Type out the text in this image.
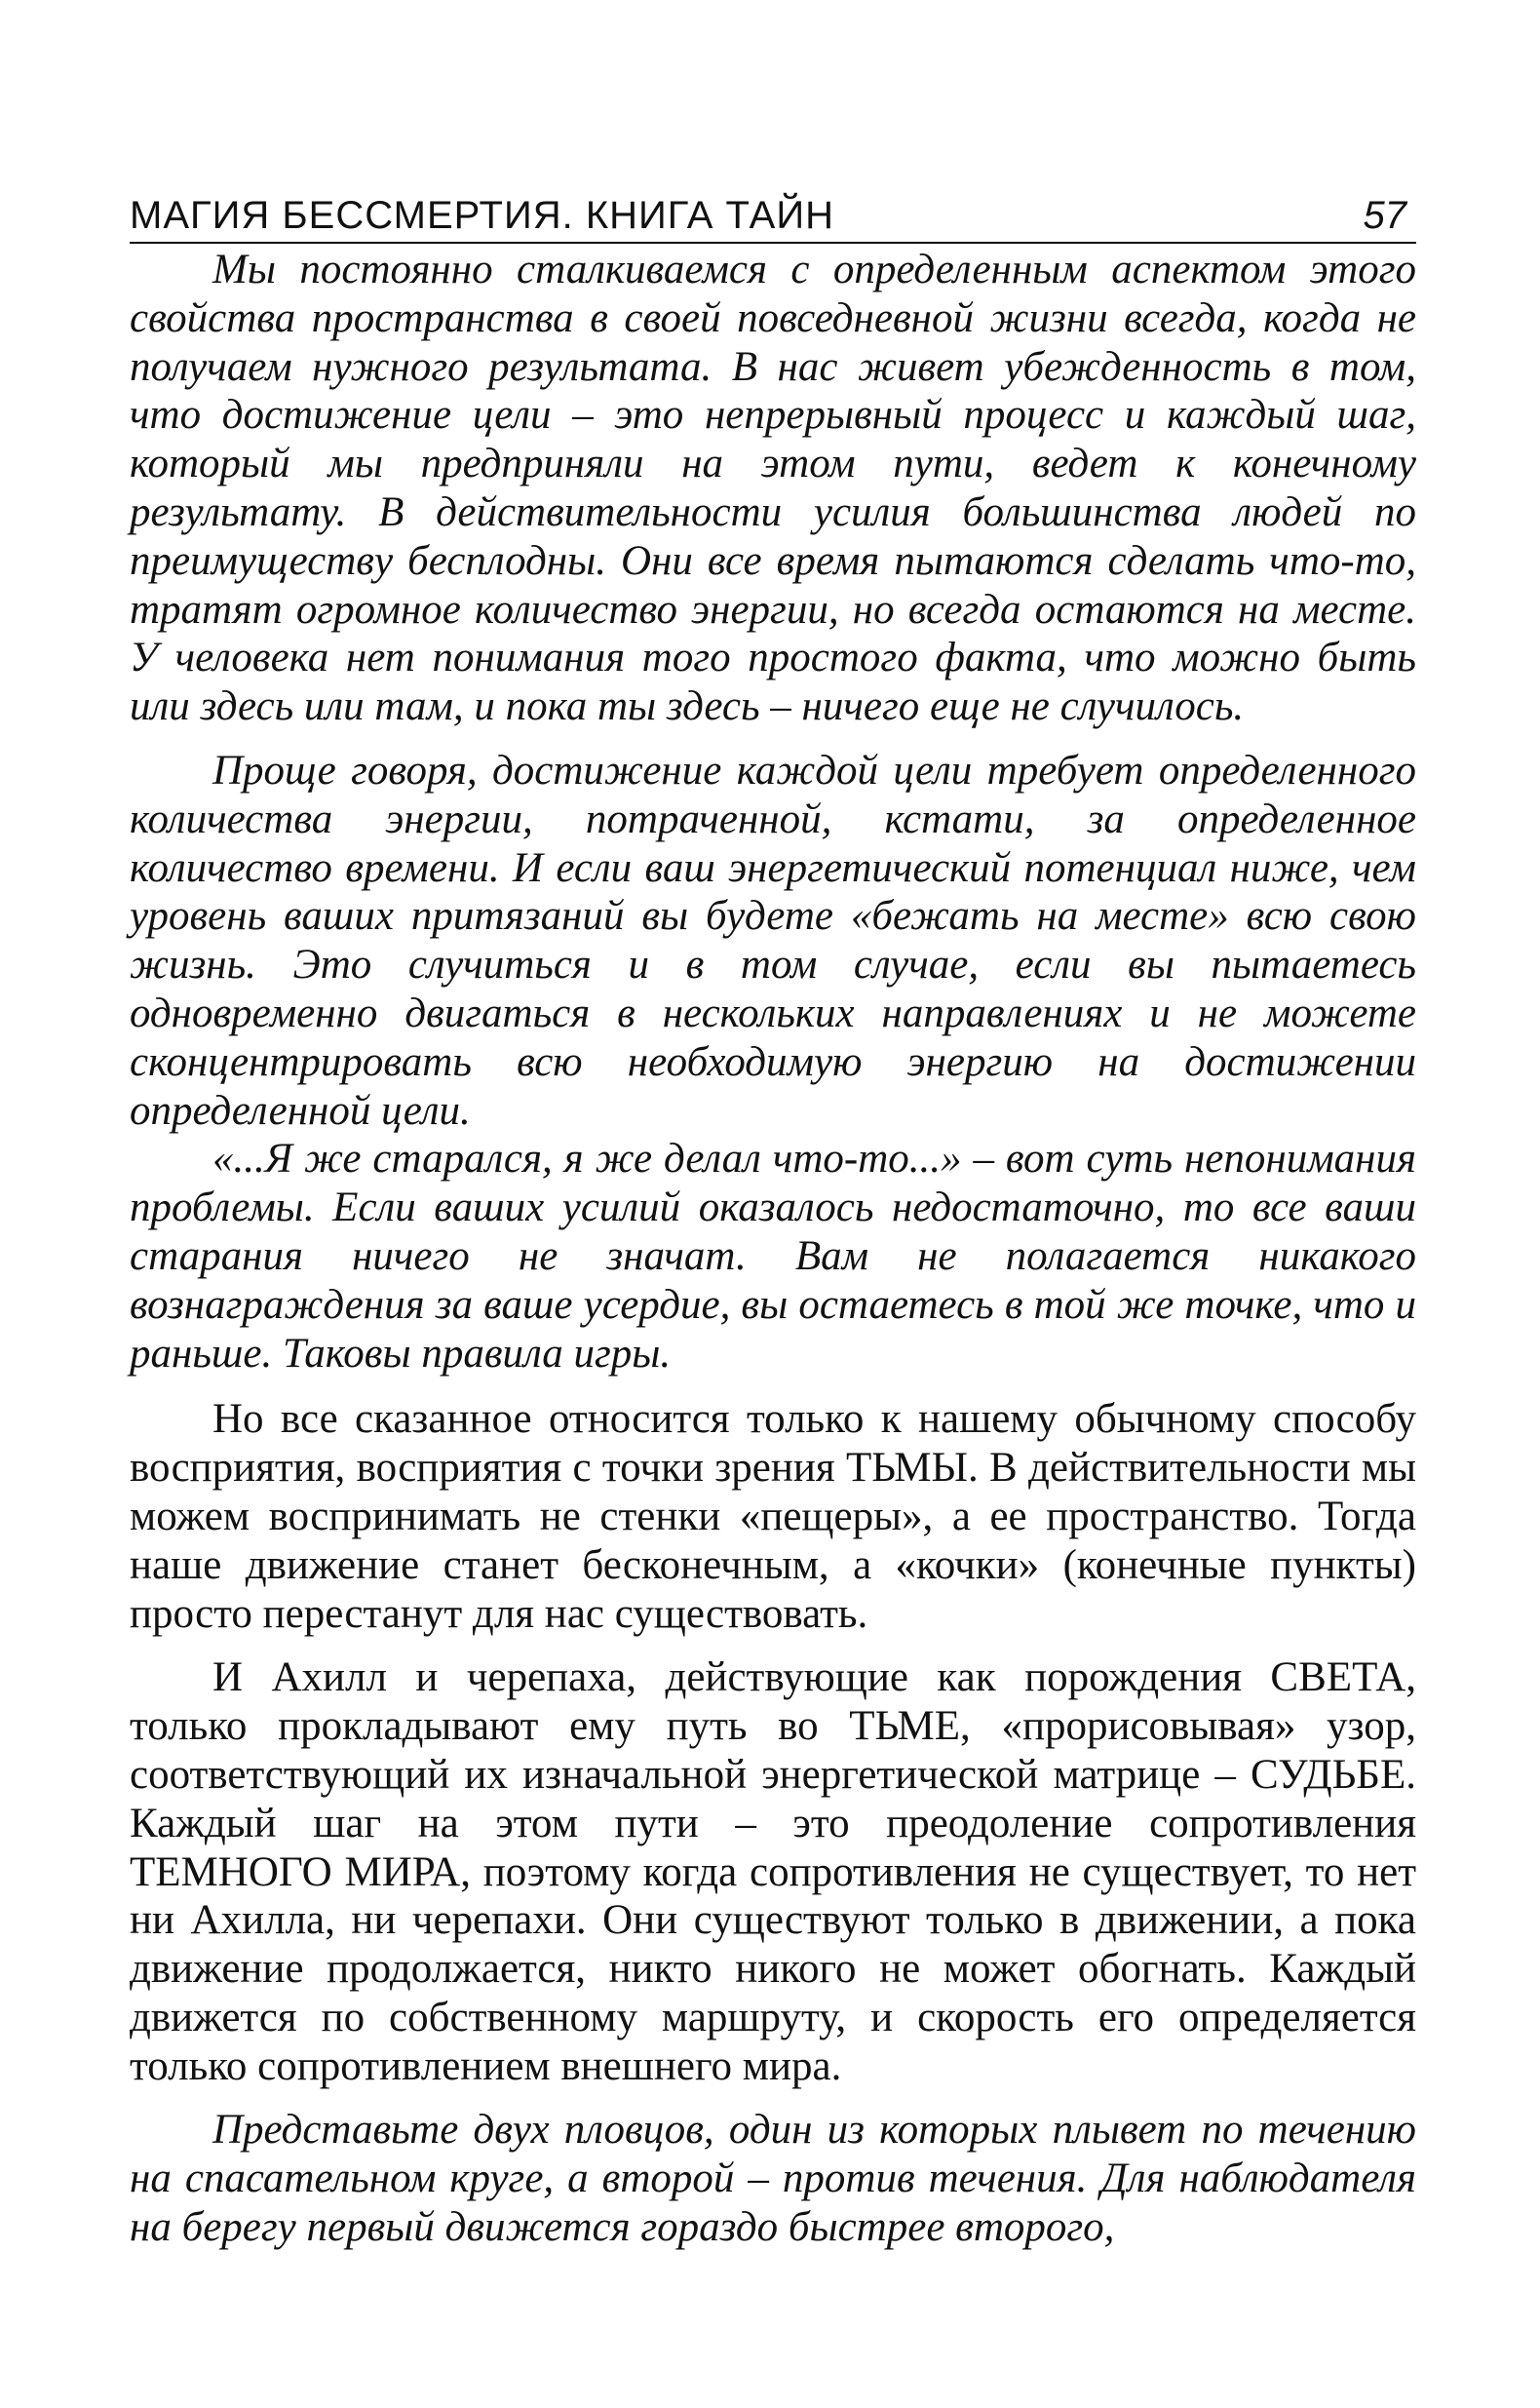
МАГИЯ БЕССМЕРТИЯ. КНИГА ТАЙН	57

Мы постоянно сталкиваемся с определенным аспектом этого свойства пространства в своей повседневной жизни всегда, когда не получаем нужного результата. В нас живет убежденность в том, что достижение цели – это непрерывный процесс и каждый шаг, который мы предприняли на этом пути, ведет к конечному результату. В действительности усилия большинства людей по преимуществу бесплодны. Они все время пытаются сделать что-то, тратят огромное количество энергии, но всегда остаются на месте. У человека нет понимания того простого факта, что можно быть или здесь или там, и пока ты здесь – ничего еще не случилось.

Проще говоря, достижение каждой цели требует определенного количества энергии, потраченной, кстати, за определенное количество времени. И если ваш энергетический потенциал ниже, чем уровень ваших притязаний вы будете «бежать на месте» всю свою жизнь. Это случиться и в том случае, если вы пытаетесь одновременно двигаться в нескольких направлениях и не можете сконцентрировать всю необходимую энергию на достижении определенной цели.

«...Я же старался, я же делал что-то...» – вот суть непонимания проблемы. Если ваших усилий оказалось недостаточно, то все ваши старания ничего не значат. Вам не полагается никакого вознаграждения за ваше усердие, вы остаетесь в той же точке, что и раньше. Таковы правила игры.

Но все сказанное относится только к нашему обычному способу восприятия, восприятия с точки зрения ТЬМЫ. В действительности мы можем воспринимать не стенки «пещеры», а ее пространство. Тогда наше движение станет бесконечным, а «кочки» (конечные пункты) просто перестанут для нас существовать.

И Ахилл и черепаха, действующие как порождения СВЕТА, только прокладывают ему путь во ТЬМЕ, «прорисовывая» узор, соответствующий их изначальной энергетической матрице – СУДЬБЕ. Каждый шаг на этом пути – это преодоление сопротивления ТЕМНОГО МИРА, поэтому когда сопротивления не существует, то нет ни Ахилла, ни черепахи. Они существуют только в движении, а пока движение продолжается, никто никого не может обогнать. Каждый движется по собственному маршруту, и скорость его определяется только сопротивлением внешнего мира.

Представьте двух пловцов, один из которых плывет по течению на спасательном круге, а второй – против течения. Для наблюдателя на берегу первый движется гораздо быстрее второго,
